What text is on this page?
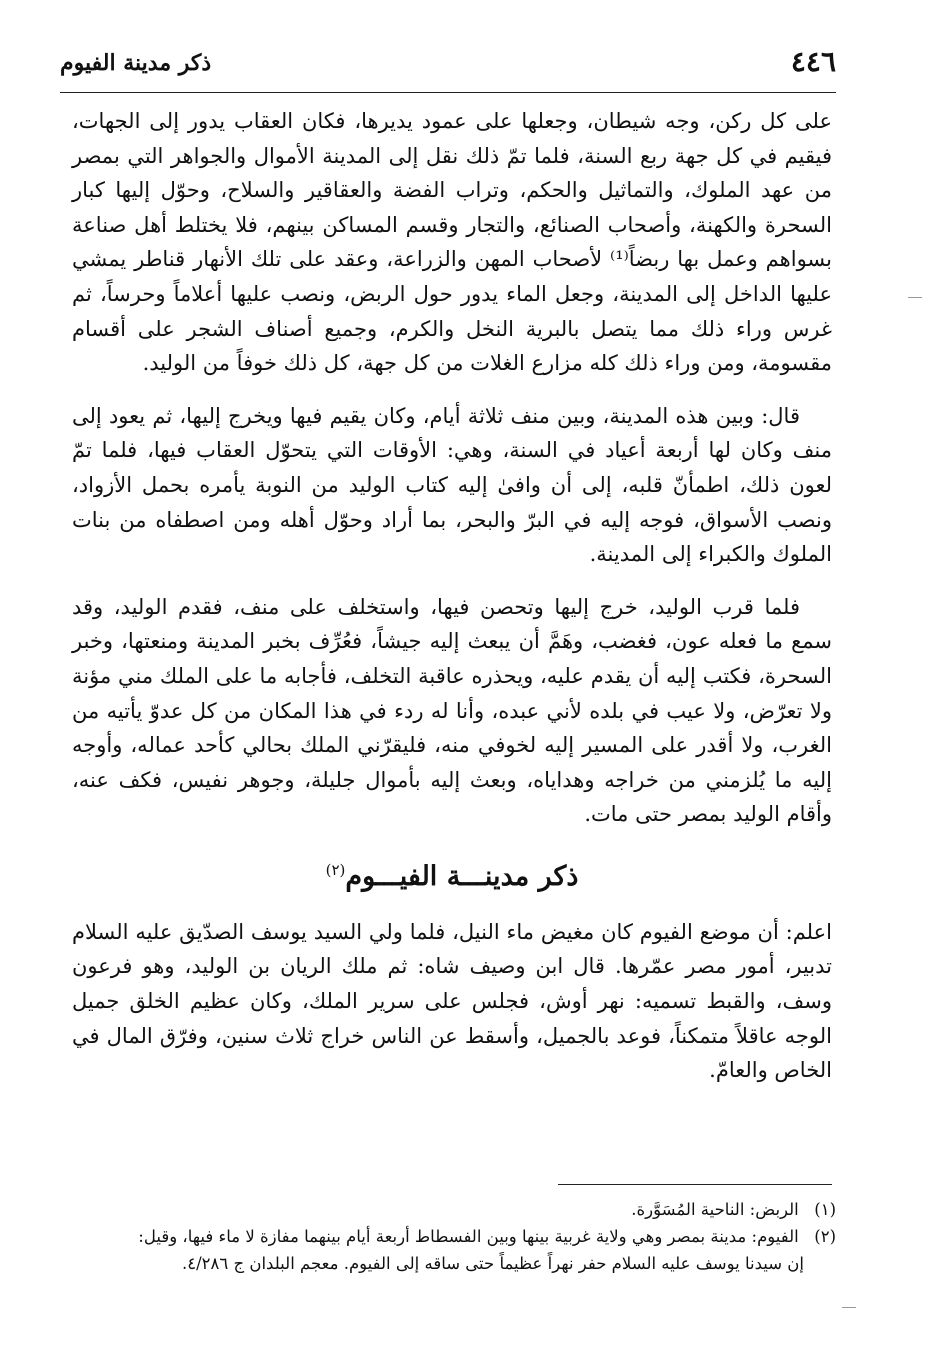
٤٤٦
ذكر مدينة الفيوم

على كل ركن، وجه شيطان، وجعلها على عمود يديرها، فكان العقاب يدور إلى الجهات، فيقيم في كل جهة ربع السنة، فلما تمّ ذلك نقل إلى المدينة الأموال والجواهر التي بمصر من عهد الملوك، والتماثيل والحكم، وتراب الفضة والعقاقير والسلاح، وحوّل إليها كبار السحرة والكهنة، وأصحاب الصنائع، والتجار وقسم المساكن بينهم، فلا يختلط أهل صناعة بسواهم وعمل بها ربضاً⁽¹⁾ لأصحاب المهن والزراعة، وعقد على تلك الأنهار قناطر يمشي عليها الداخل إلى المدينة، وجعل الماء يدور حول الربض، ونصب عليها أعلاماً وحرساً، ثم غرس وراء ذلك مما يتصل بالبرية النخل والكرم، وجميع أصناف الشجر على أقسام مقسومة، ومن وراء ذلك كله مزارع الغلات من كل جهة، كل ذلك خوفاً من الوليد.

قال: وبين هذه المدينة، وبين منف ثلاثة أيام، وكان يقيم فيها ويخرج إليها، ثم يعود إلى منف وكان لها أربعة أعياد في السنة، وهي: الأوقات التي يتحوّل العقاب فيها، فلما تمّ لعون ذلك، اطمأنّ قلبه، إلى أن وافىٰ إليه كتاب الوليد من النوبة يأمره بحمل الأزواد، ونصب الأسواق، فوجه إليه في البرّ والبحر، بما أراد وحوّل أهله ومن اصطفاه من بنات الملوك والكبراء إلى المدينة.

فلما قرب الوليد، خرج إليها وتحصن فيها، واستخلف على منف، فقدم الوليد، وقد سمع ما فعله عون، فغضب، وهَمَّ أن يبعث إليه جيشاً، فعُرِّف بخبر المدينة ومنعتها، وخبر السحرة، فكتب إليه أن يقدم عليه، ويحذره عاقبة التخلف، فأجابه ما على الملك مني مؤنة ولا تعرّض، ولا عيب في بلده لأني عبده، وأنا له ردء في هذا المكان من كل عدوّ يأتيه من الغرب، ولا أقدر على المسير إليه لخوفي منه، فليقرّني الملك بحالي كأحد عماله، وأوجه إليه ما يُلزمني من خراجه وهداياه، وبعث إليه بأموال جليلة، وجوهر نفيس، فكف عنه، وأقام الوليد بمصر حتى مات.

ذكر مدينـــة الفيـــوم$^{(٢)}$

اعلم: أن موضع الفيوم كان مغيض ماء النيل، فلما ولي السيد يوسف الصدّيق عليه السلام تدبير، أمور مصر عمّرها. قال ابن وصيف شاه: ثم ملك الريان بن الوليد، وهو فرعون وسف، والقبط تسميه: نهر أوش، فجلس على سرير الملك، وكان عظيم الخلق جميل الوجه عاقلاً متمكناً، فوعد بالجميل، وأسقط عن الناس خراج ثلاث سنين، وفرّق المال في الخاص والعامّ.

(١) الربض: الناحية المُسَوَّرة.

(٢) الفيوم: مدينة بمصر وهي ولاية غربية بينها وبين الفسطاط أربعة أيام بينهما مفازة لا ماء فيها، وقيل:

إن سيدنا يوسف عليه السلام حفر نهراً عظيماً حتى ساقه إلى الفيوم. معجم البلدان ج ٤/٢٨٦.
